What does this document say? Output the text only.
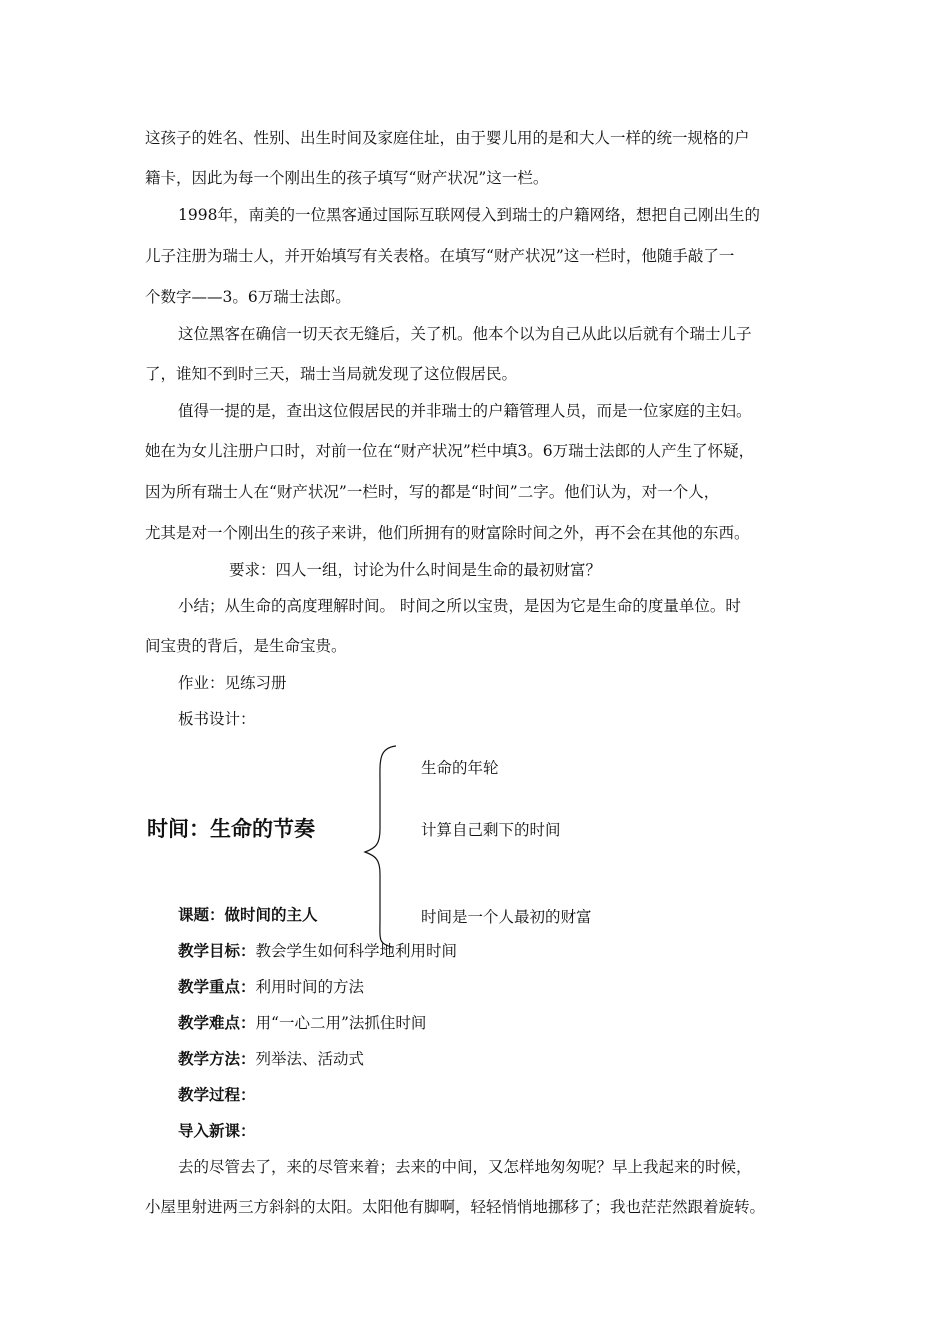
这孩子的姓名、性别、出生时间及家庭住址，由于婴儿用的是和大人一样的统一规格的户
籍卡，因此为每一个刚出生的孩子填写“财产状况”这一栏。
1998年，南美的一位黑客通过国际互联网侵入到瑞士的户籍网络，想把自己刚出生的
儿子注册为瑞士人，并开始填写有关表格。在填写“财产状况”这一栏时，他随手敲了一
个数字——3。6万瑞士法郎。
这位黑客在确信一切天衣无缝后，关了机。他本个以为自己从此以后就有个瑞士儿子
了，谁知不到时三天，瑞士当局就发现了这位假居民。
值得一提的是，查出这位假居民的并非瑞士的户籍管理人员，而是一位家庭的主妇。
她在为女儿注册户口时，对前一位在“财产状况”栏中填3。6万瑞士法郎的人产生了怀疑，
因为所有瑞士人在“财产状况”一栏时，写的都是“时间”二字。他们认为，对一个人，
尤其是对一个刚出生的孩子来讲，他们所拥有的财富除时间之外，再不会在其他的东西。
要求：四人一组，讨论为什么时间是生命的最初财富？
小结；从生命的高度理解时间。 时间之所以宝贵，是因为它是生命的度量单位。时
间宝贵的背后，是生命宝贵。
作业：见练习册
板书设计：
时间：生命的节奏
生命的年轮
计算自己剩下的时间
时间是一个人最初的财富
课题：做时间的主人
教学目标：教会学生如何科学地利用时间
教学重点：利用时间的方法
教学难点：用“一心二用”法抓住时间
教学方法：列举法、活动式
教学过程：
导入新课：
去的尽管去了，来的尽管来着；去来的中间，又怎样地匆匆呢？早上我起来的时候，
小屋里射进两三方斜斜的太阳。太阳他有脚啊，轻轻悄悄地挪移了；我也茫茫然跟着旋转。
